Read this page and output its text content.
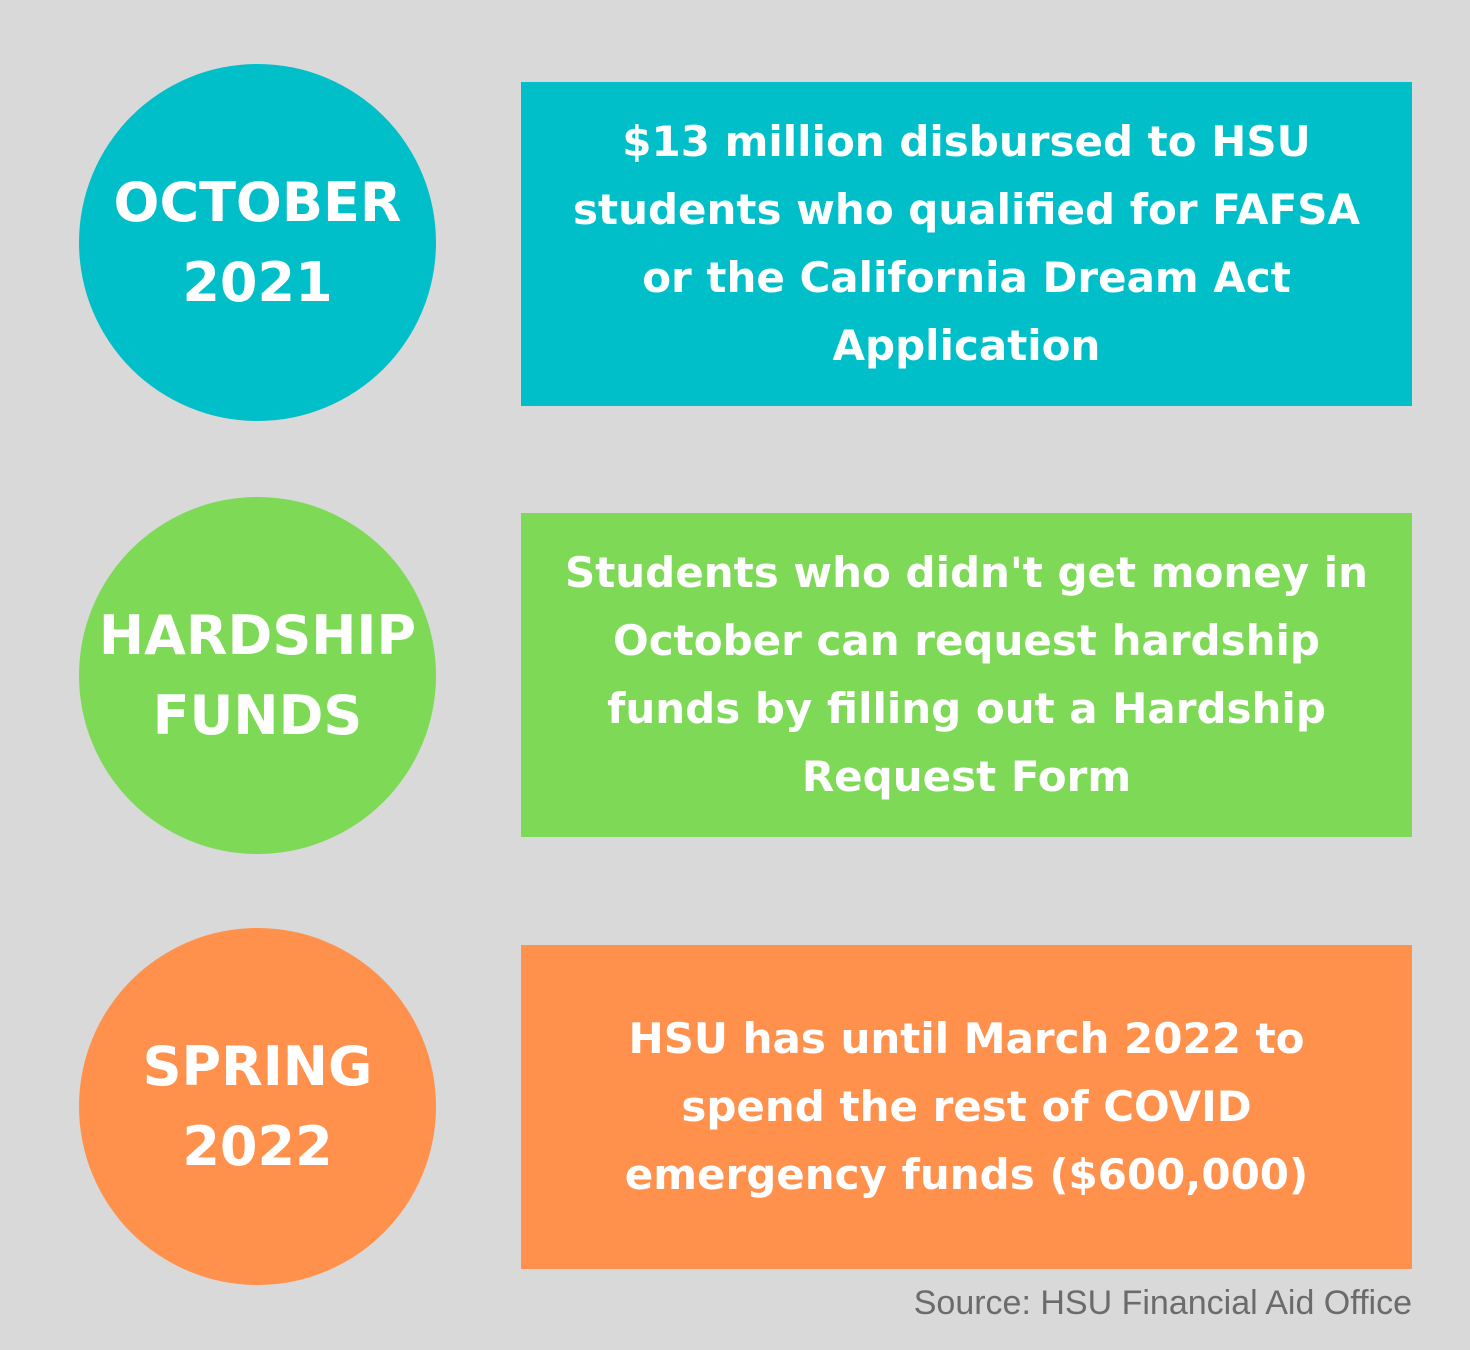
OCTOBER
2021

$13 million disbursed to HSU students who qualified for FAFSA or the California Dream Act Application

HARDSHIP
FUNDS

Students who didn't get money in October can request hardship funds by filling out a Hardship Request Form

SPRING
2022

HSU has until March 2022 to spend the rest of COVID emergency funds ($600,000)

Source: HSU Financial Aid Office
